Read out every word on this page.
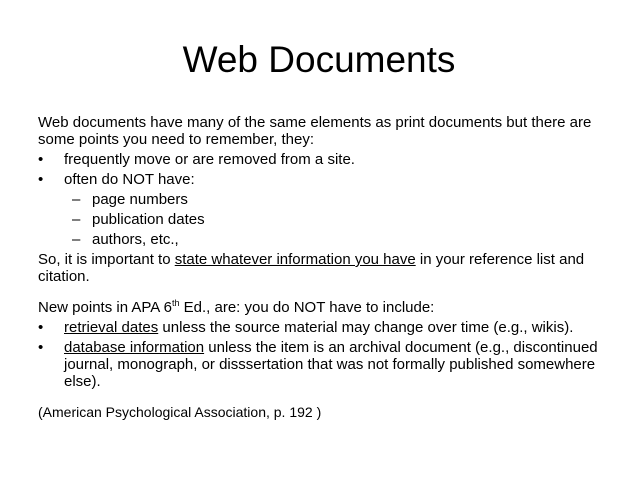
Web Documents

Web documents have many of the same elements as print documents but there are some points you need to remember, they:

• frequently move or are removed from a site.
• often do NOT have:
– page numbers
– publication dates
– authors, etc.,

So, it is important to state whatever information you have in your reference list and citation.

New points in APA 6th Ed., are: you do NOT have to include:

• retrieval dates unless the source material may change over time (e.g., wikis).
• database information unless the item is an archival document (e.g., discontinued journal, monograph, or disssertation that was not formally published somewhere else).

(American Psychological Association, p. 192 )
